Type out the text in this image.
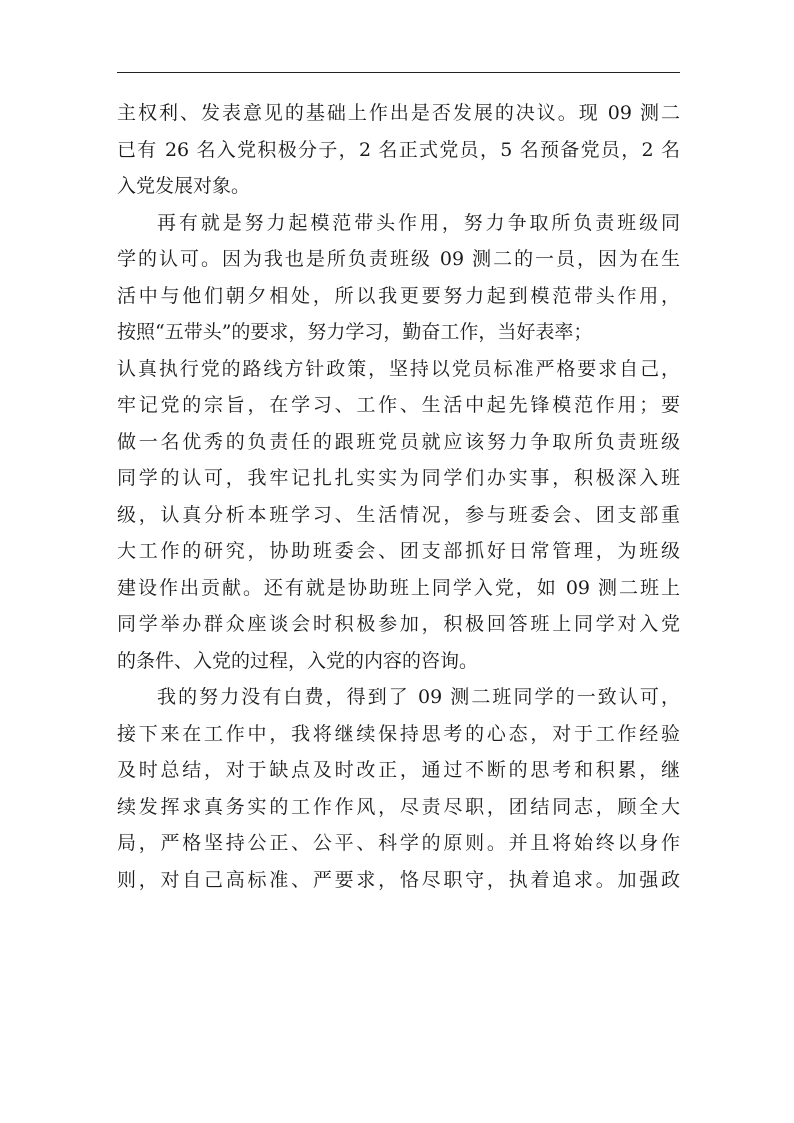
主权利、发表意见的基础上作出是否发展的决议。现 09 测二
已有 26 名入党积极分子，2 名正式党员，5 名预备党员，2 名
入党发展对象。
再有就是努力起模范带头作用，努力争取所负责班级同
学的认可。因为我也是所负责班级 09 测二的一员，因为在生
活中与他们朝夕相处，所以我更要努力起到模范带头作用，
按照“五带头”的要求，努力学习，勤奋工作，当好表率；
认真执行党的路线方针政策，坚持以党员标准严格要求自己，
牢记党的宗旨，在学习、工作、生活中起先锋模范作用；要
做一名优秀的负责任的跟班党员就应该努力争取所负责班级
同学的认可，我牢记扎扎实实为同学们办实事，积极深入班
级，认真分析本班学习、生活情况，参与班委会、团支部重
大工作的研究，协助班委会、团支部抓好日常管理，为班级
建设作出贡献。还有就是协助班上同学入党，如 09 测二班上
同学举办群众座谈会时积极参加，积极回答班上同学对入党
的条件、入党的过程，入党的内容的咨询。
我的努力没有白费，得到了 09 测二班同学的一致认可，
接下来在工作中，我将继续保持思考的心态，对于工作经验
及时总结，对于缺点及时改正，通过不断的思考和积累，继
续发挥求真务实的工作作风，尽责尽职，团结同志，顾全大
局，严格坚持公正、公平、科学的原则。并且将始终以身作
则，对自己高标准、严要求，恪尽职守，执着追求。加强政
